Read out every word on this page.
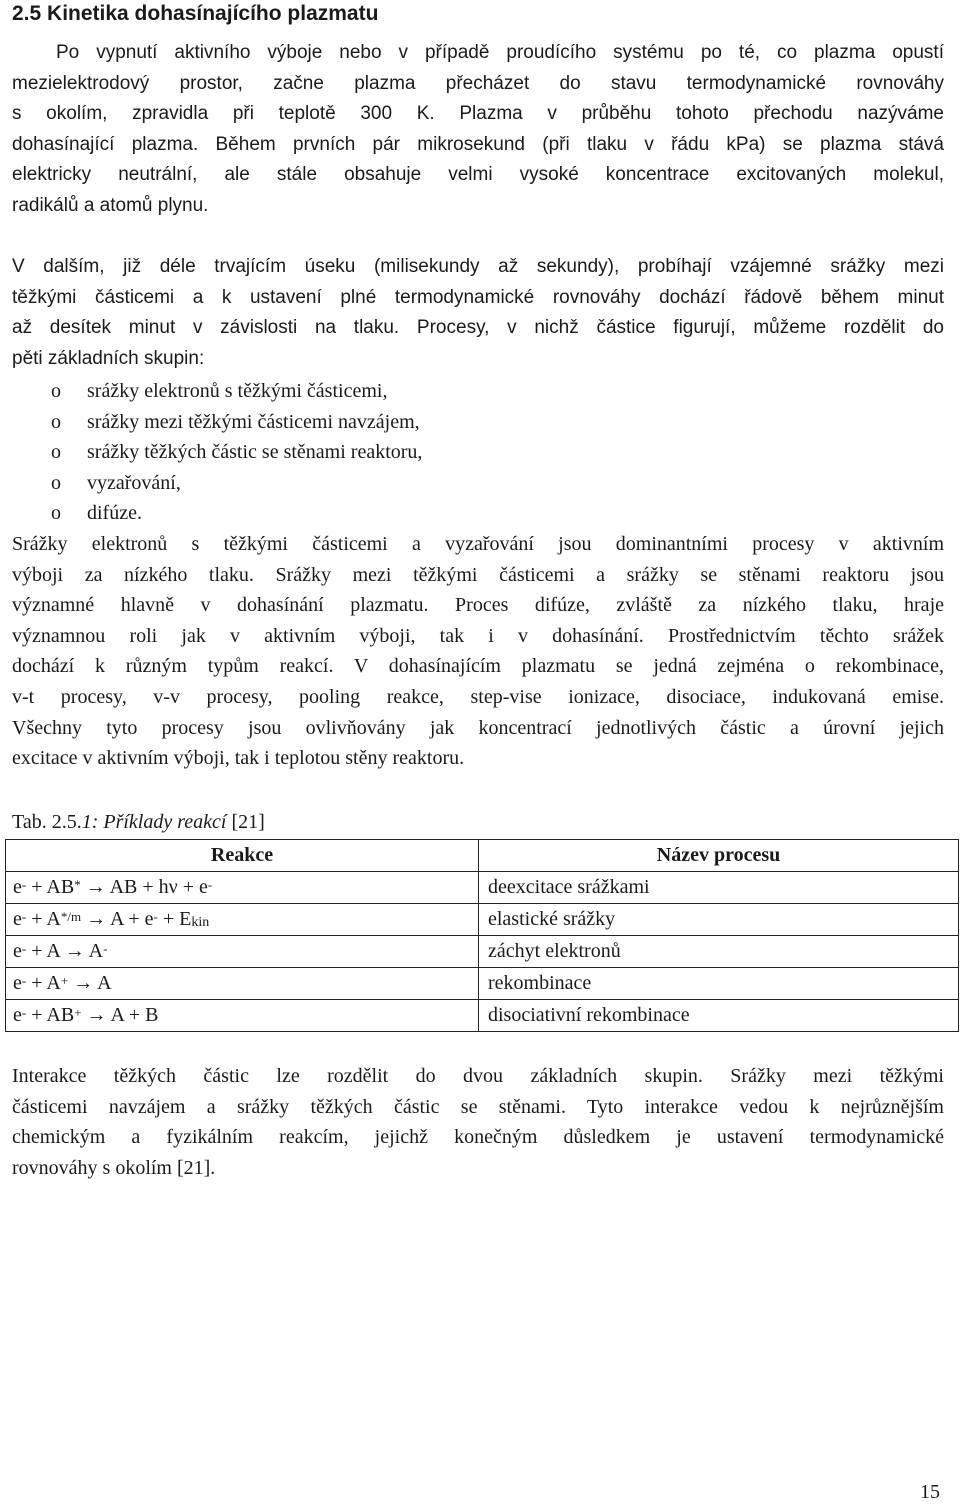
2.5 Kinetika dohasínajícího plazmatu
Po vypnutí aktivního výboje nebo v případě proudícího systému po té, co plazma opustí
mezielektrodový prostor, začne plazma přecházet do stavu termodynamické rovnováhy
s okolím, zpravidla při teplotě 300 K. Plazma v průběhu tohoto přechodu nazýváme
dohasínající plazma. Během prvních pár mikrosekund (při tlaku v řádu kPa) se plazma stává
elektricky neutrální, ale stále obsahuje velmi vysoké koncentrace excitovaných molekul,
radikálů a atomů plynu.
V dalším, již déle trvajícím úseku (milisekundy až sekundy), probíhají vzájemné srážky mezi
těžkými částicemi a k ustavení plné termodynamické rovnováhy dochází řádově během minut
až desítek minut v závislosti na tlaku. Procesy, v nichž částice figurují, můžeme rozdělit do
pěti základních skupin:
o srážky elektronů s těžkými částicemi,
o srážky mezi těžkými částicemi navzájem,
o srážky těžkých částic se stěnami reaktoru,
o vyzařování,
o difúze.
Srážky elektronů s těžkými částicemi a vyzařování jsou dominantními procesy v aktivním
výboji za nízkého tlaku. Srážky mezi těžkými částicemi a srážky se stěnami reaktoru jsou
významné hlavně v dohasínání plazmatu. Proces difúze, zvláště za nízkého tlaku, hraje
významnou roli jak v aktivním výboji, tak i v dohasínání. Prostřednictvím těchto srážek
dochází k různým typům reakcí. V dohasínajícím plazmatu se jedná zejména o rekombinace,
v-t procesy, v-v procesy, pooling reakce, step-vise ionizace, disociace, indukovaná emise.
Všechny tyto procesy jsou ovlivňovány jak koncentrací jednotlivých částic a úrovní jejich
excitace v aktivním výboji, tak i teplotou stěny reaktoru.
Tab. 2.5.1: Příklady reakcí [21]
Reakce	Název procesu
e- + AB* → AB + hν + e-	deexcitace srážkami
$e^- + A^{*/m} \to A + e^- + E_{kin}$	elastické srážky
e- + A → A-	záchyt elektronů
e- + A+ → A	rekombinace
e- + AB+ → A + B	disociativní rekombinace
Interakce těžkých částic lze rozdělit do dvou základních skupin. Srážky mezi těžkými
částicemi navzájem a srážky těžkých částic se stěnami. Tyto interakce vedou k nejrůznějším
chemickým a fyzikálním reakcím, jejichž konečným důsledkem je ustavení termodynamické
rovnováhy s okolím [21].
15
